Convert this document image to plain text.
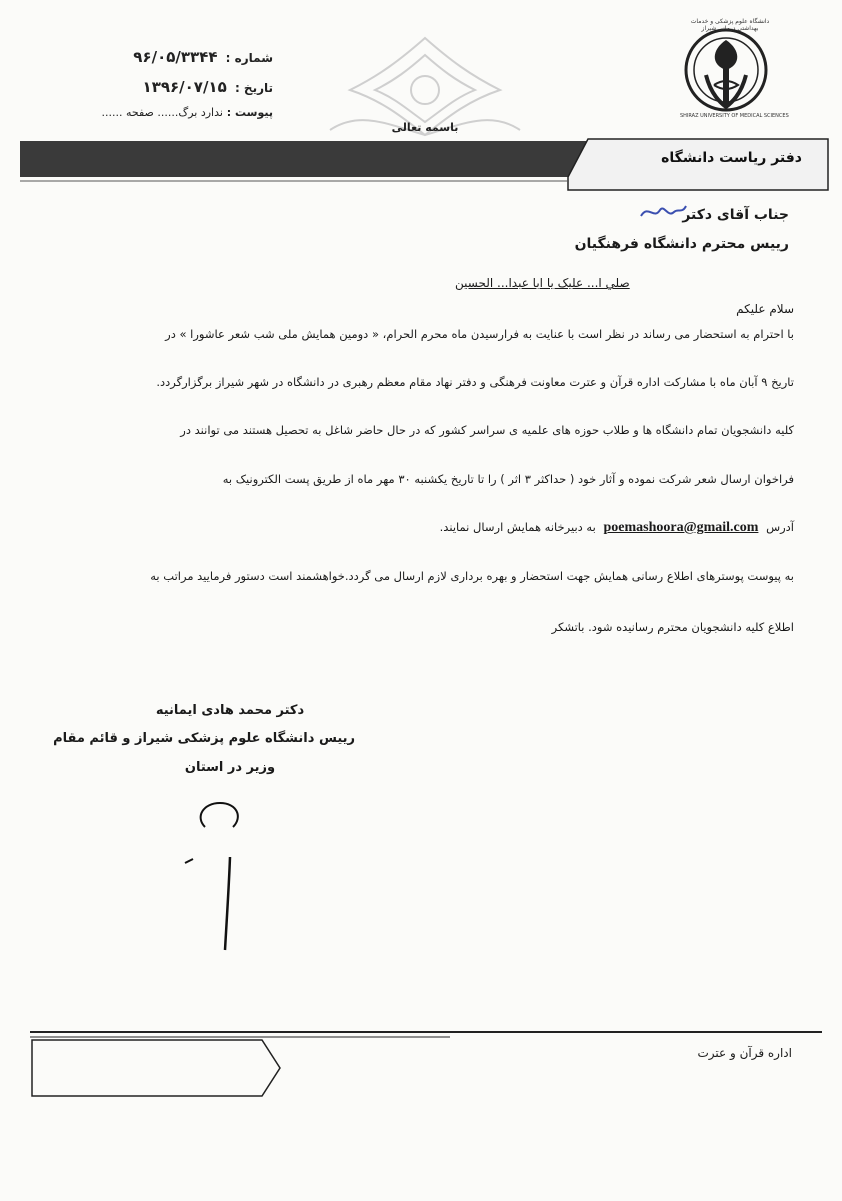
دانشگاه علوم پزشکی و خدمات بهداشتی درمانی شیراز
SHIRAZ UNIVERSITY OF MEDICAL SCIENCES
باسمه تعالی
شماره : ۹۶/۰۵/۳۳۴۴
تاریخ : ۱۳۹۶/۰۷/۱۵
پیوست : ندارد برگ...... صفحه ......
دفتر ریاست دانشگاه
جناب آقای دکتر
رییس محترم دانشگاه فرهنگیان
صلي ا... عليک يا ابا عبدا... الحسين
سلام علیکم
با احترام به استحضار می رساند در نظر است با عنایت به فرارسیدن ماه محرم الحرام، « دومین همایش ملی شب شعر عاشورا » در
تاریخ ۹ آبان ماه با مشارکت اداره قرآن و عترت معاونت فرهنگی و دفتر نهاد مقام معظم رهبری در دانشگاه در شهر شیراز برگزارگردد.
کلیه دانشجویان تمام دانشگاه ها و طلاب حوزه های علمیه ی سراسر کشور که در حال حاضر شاغل به تحصیل هستند می توانند در
فراخوان ارسال شعر شرکت نموده و آثار خود ( حداکثر ۳ اثر ) را تا تاریخ یکشنبه ۳۰ مهر ماه از طریق پست الکترونیک به
آدرس poemashoora@gmail.com به دبیرخانه همایش ارسال نمایند.
به پیوست پوسترهای اطلاع رسانی همایش جهت استحضار و بهره برداری لازم ارسال می گردد.خواهشمند است دستور فرمایید مراتب به
اطلاع کلیه دانشجویان محترم رسانیده شود. باتشکر
دکتر محمد هادی ایمانیه
رییس دانشگاه علوم پزشکی شیراز و قائم مقام
وزیر در استان
اداره قرآن و عترت
